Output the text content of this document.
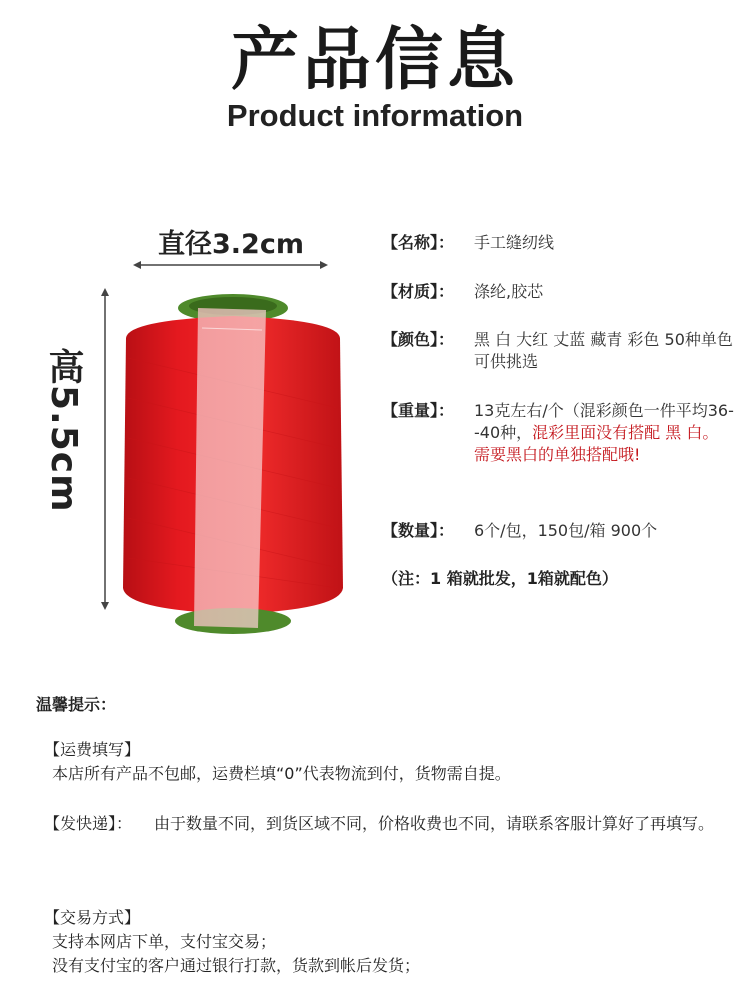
产品信息
Product information
直径3.2cm
高5.5cm
【名称】：	手工缝纫线
【材质】：	涤纶,胶芯
【颜色】：	黑 白 大红 丈蓝 藏青 彩色 50种单色可供挑选
【重量】：	13克左右/个（混彩颜色一件平均36--40种，混彩里面没有搭配 黑 白。
需要黑白的单独搭配哦!
【数量】：	6个/包，150包/箱 900个
（注：1 箱就批发，1箱就配色）
温馨提示：
【运费填写】
本店所有产品不包邮，运费栏填“0”代表物流到付，货物需自提。
【发快递】：	由于数量不同，到货区域不同，价格收费也不同，请联系客服计算好了再填写。
【交易方式】
支持本网店下单，支付宝交易；
没有支付宝的客户通过银行打款，货款到帐后发货；
